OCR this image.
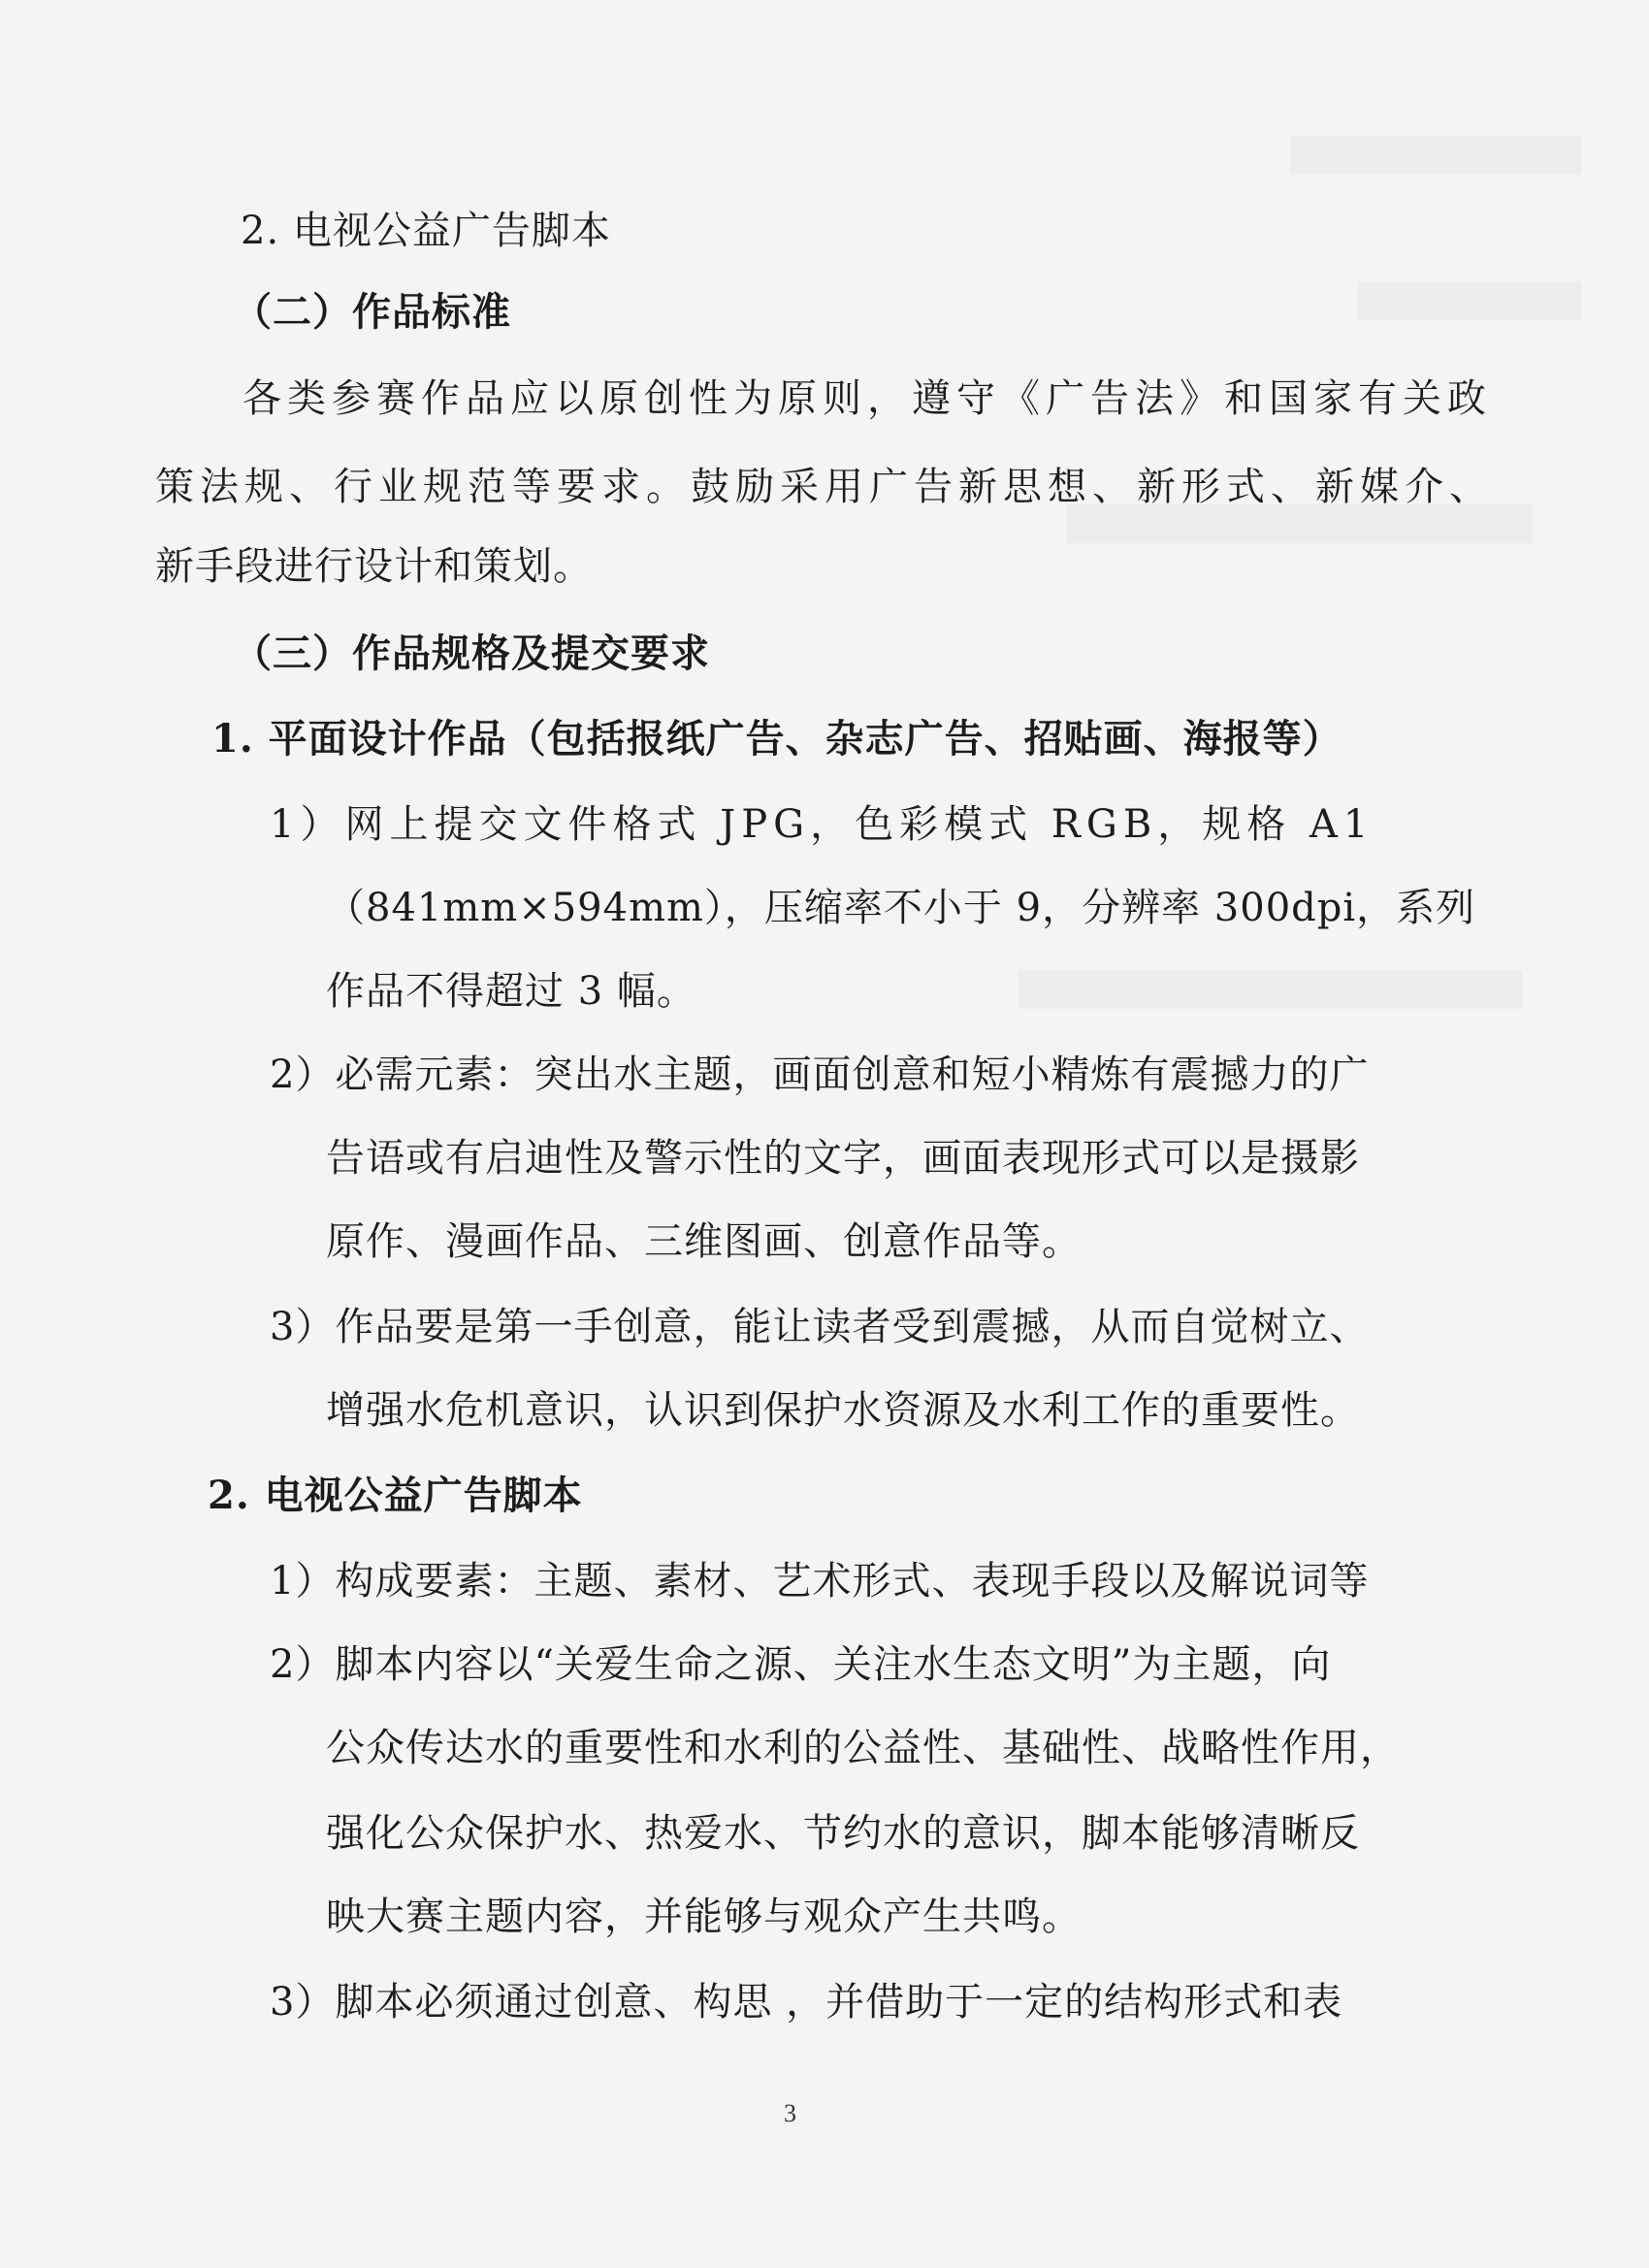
2. 电视公益广告脚本
（二）作品标准
各类参赛作品应以原创性为原则，遵守《广告法》和国家有关政
策法规、行业规范等要求。鼓励采用广告新思想、新形式、新媒介、
新手段进行设计和策划。
（三）作品规格及提交要求
1. 平面设计作品（包括报纸广告、杂志广告、招贴画、海报等）
1）网上提交文件格式 JPG，色彩模式 RGB，规格 A1
（841mm×594mm），压缩率不小于 9，分辨率 300dpi，系列
作品不得超过 3 幅。
2）必需元素：突出水主题，画面创意和短小精炼有震撼力的广
告语或有启迪性及警示性的文字，画面表现形式可以是摄影
原作、漫画作品、三维图画、创意作品等。
3）作品要是第一手创意，能让读者受到震撼，从而自觉树立、
增强水危机意识，认识到保护水资源及水利工作的重要性。
2. 电视公益广告脚本
1）构成要素：主题、素材、艺术形式、表现手段以及解说词等
2）脚本内容以“关爱生命之源、关注水生态文明”为主题，向
公众传达水的重要性和水利的公益性、基础性、战略性作用，
强化公众保护水、热爱水、节约水的意识，脚本能够清晰反
映大赛主题内容，并能够与观众产生共鸣。
3）脚本必须通过创意、构思 ，并借助于一定的结构形式和表
3
